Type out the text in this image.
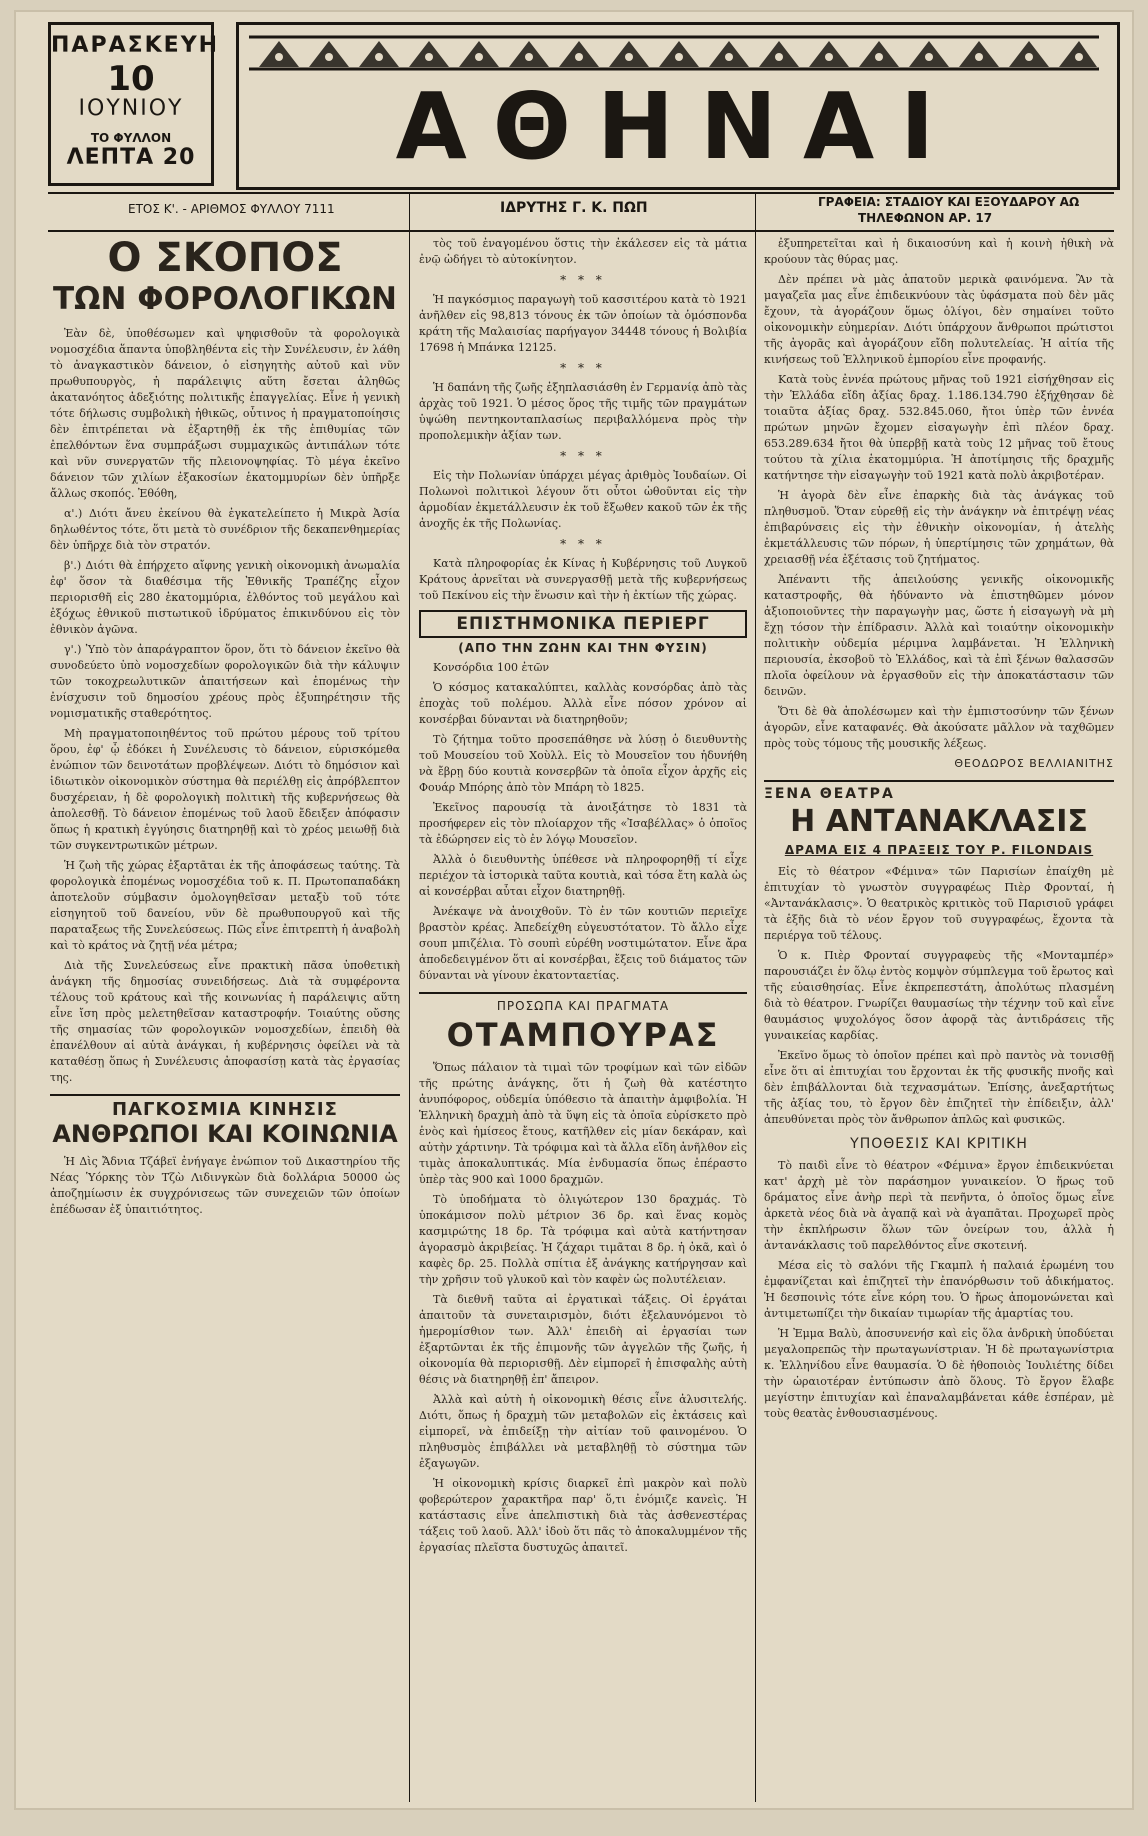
ΠΑΡΑΣΚΕΥΗ
10
ΙΟΥΝΙΟΥ
ΤΟ ΦΥΛΛΟΝ
ΛΕΠΤΑ 20	ΑΘΗΝΑΙ
ΕΤΟΣ Κ'. - ΑΡΙΘΜΟΣ ΦΥΛΛΟΥ 7111	ΙΔΡΥΤΗΣ Γ. Κ. ΠΩΠ	ΓΡΑΦΕΙΑ: ΣΤΑΔΙΟΥ ΚΑΙ ΕΞΟΥΔΑΡΟΥ ΑΩ
ΤΗΛΕΦΩΝΟΝ ΑΡ. 17
Ο ΣΚΟΠΟΣ
ΤΩΝ ΦΟΡΟΛΟΓΙΚΩΝ

Ἐὰν δὲ, ὑποθέσωμεν καὶ ψηφισθοῦν τὰ φορολογικὰ νομοσχέδια ἅπαντα ὑποβληθέντα εἰς τὴν Συνέλευσιν, ἐν λάθη τὸ ἀναγκαστικὸν δάνειον, ὁ εἰσηγητὴς αὐτοῦ καὶ νῦν πρωθυπουργὸς, ἡ παράλειψις αὕτη ἔσεται ἀληθῶς ἀκατανόητος ἀδεξιότης πολιτικῆς ἐπαγγελίας. Εἶνε ἡ γενικὴ τότε δήλωσις συμβολικὴ ἠθικῶς, οὗτινος ἡ πραγματοποίησις δὲν ἐπιτρέπεται νὰ ἐξαρτηθῇ ἐκ τῆς ἐπιθυμίας τῶν ἐπελθόντων ἕνα συμπράξωσι συμμαχικῶς ἀντιπάλων τότε καὶ νῦν συνεργατῶν τῆς πλειονοψηφίας. Τὸ μέγα ἐκεῖνο δάνειον τῶν χιλίων ἑξακοσίων ἑκατομμυρίων δὲν ὑπῆρξε ἄλλως σκοπός. Ἐθόθη,

α'.) Διότι ἄνευ ἐκείνου θὰ ἐγκατελείπετο ἡ Μικρὰ Ἀσία δηλωθέντος τότε, ὅτι μετὰ τὸ συνέδριον τῆς δεκαπενθημερίας δὲν ὑπῆρχε διὰ τὸν στρατόν.

β'.) Διότι θὰ ἐπήρχετο αἴφνης γενικὴ οἰκονομικὴ ἀνωμαλία ἐφ' ὅσον τὰ διαθέσιμα τῆς Ἐθνικῆς Τραπέζης εἶχον περιορισθῆ εἰς 280 ἑκατομμύρια, ἐλθόντος τοῦ μεγάλου καὶ ἐξόχως ἐθνικοῦ πιστωτικοῦ ἱδρύματος ἐπικινδύνου εἰς τὸν ἐθνικὸν ἀγῶνα.

γ'.) Ὑπὸ τὸν ἀπαράγραπτον ὅρον, ὅτι τὸ δάνειον ἐκεῖνο θὰ συνοδεύετο ὑπὸ νομοσχεδίων φορολογικῶν διὰ τὴν κάλυψιν τῶν τοκοχρεωλυτικῶν ἀπαιτήσεων καὶ ἐπομένως τὴν ἐνίσχυσιν τοῦ δημοσίου χρέους πρὸς ἐξυπηρέτησιν τῆς νομισματικῆς σταθερότητος.

Μὴ πραγματοποιηθέντος τοῦ πρώτου μέρους τοῦ τρίτου ὅρου, ἐφ' ᾧ ἐδόκει ἡ Συνέλευσις τὸ δάνειον, εὑρισκόμεθα ἐνώπιον τῶν δεινοτάτων προβλέψεων. Διότι τὸ δημόσιον καὶ ἰδιωτικὸν οἰκονομικὸν σύστημα θὰ περιέλθῃ εἰς ἀπρόβλεπτον δυσχέρειαν, ἡ δὲ φορολογικὴ πολιτικὴ τῆς κυβερνήσεως θὰ ἀπολεσθῇ. Τὸ δάνειον ἐπομένως τοῦ λαοῦ ἔδειξεν ἀπόφασιν ὅπως ἡ κρατικὴ ἐγγύησις διατηρηθῇ καὶ τὸ χρέος μειωθῇ διὰ τῶν συγκεντρωτικῶν μέτρων.

Ἡ ζωὴ τῆς χώρας ἐξαρτᾶται ἐκ τῆς ἀποφάσεως ταύτης. Τὰ φορολογικὰ ἐπομένως νομοσχέδια τοῦ κ. Π. Πρωτοπαπαδάκη ἀποτελοῦν σύμβασιν ὁμολογηθεῖσαν μεταξὺ τοῦ τότε εἰσηγητοῦ τοῦ δανείου, νῦν δὲ πρωθυπουργοῦ καὶ τῆς παραταξεως τῆς Συνελεύσεως. Πῶς εἶνε ἐπιτρεπτὴ ἡ ἀναβολὴ καὶ τὸ κράτος νὰ ζητῇ νέα μέτρα;

Διὰ τῆς Συνελεύσεως εἶνε πρακτικὴ πᾶσα ὑποθετικὴ ἀνάγκη τῆς δημοσίας συνειδήσεως. Διὰ τὰ συμφέροντα τέλους τοῦ κράτους καὶ τῆς κοινωνίας ἡ παράλειψις αὕτη εἶνε ἴση πρὸς μελετηθεῖσαν καταστροφήν. Τοιαύτης οὔσης τῆς σημασίας τῶν φορολογικῶν νομοσχεδίων, ἐπειδὴ θὰ ἐπανέλθουν αἱ αὐτὰ ἀνάγκαι, ἡ κυβέρνησις ὀφείλει νὰ τὰ καταθέσῃ ὅπως ἡ Συνέλευσις ἀποφασίσῃ κατὰ τὰς ἐργασίας της.

ΠΑΓΚΟΣΜΙΑ ΚΙΝΗΣΙΣ
ΑΝΘΡΩΠΟΙ ΚΑΙ ΚΟΙΝΩΝΙΑ

Ἡ Δὶς Ἄδνια Τζάβεϊ ἐνήγαγε ἐνώπιον τοῦ Δικαστηρίου τῆς Νέας Ὑόρκης τὸν Τζὼ Λιδινγκὼν διὰ δολλάρια 50000 ὡς ἀποζημίωσιν ἐκ συγχρόνισεως τῶν συνεχειῶν τῶν ὁποίων ἐπέδωσαν ἐξ ὑπαιτιότητος.

τὸς τοῦ ἐναγομένου ὅστις τὴν ἐκάλεσεν εἰς τὰ μάτια ἐνῷ ὡδήγει τὸ αὐτοκίνητον.

* * *

Ἡ παγκόσμιος παραγωγὴ τοῦ κασσιτέρου κατὰ τὸ 1921 ἀνῆλθεν εἰς 98,813 τόνους ἐκ τῶν ὁποίων τὰ ὁμόσπονδα κράτη τῆς Μαλαισίας παρήγαγον 34448 τόνους ἡ Βολιβία 17698 ἡ Μπάνκα 12125.

* * *

Ἡ δαπάνη τῆς ζωῆς ἐξηπλασιάσθη ἐν Γερμανίᾳ ἀπὸ τὰς ἀρχὰς τοῦ 1921. Ὁ μέσος ὅρος τῆς τιμῆς τῶν πραγμάτων ὑψώθη πεντηκονταπλασίως περιβαλλόμενα πρὸς τὴν προπολεμικὴν ἀξίαν των.

* * *

Εἰς τὴν Πολωνίαν ὑπάρχει μέγας ἀριθμὸς Ἰουδαίων. Οἱ Πολωνοὶ πολιτικοὶ λέγουν ὅτι οὗτοι ὠθοῦνται εἰς τὴν ἀρμοδίαν ἐκμετάλλευσιν ἐκ τοῦ ἔξωθεν κακοῦ τῶν ἐκ τῆς ἀνοχῆς ἐκ τῆς Πολωνίας.

* * *

Κατὰ πληροφορίας ἐκ Κίνας ἡ Κυβέρνησις τοῦ Λυγκοῦ Κράτους ἀρνεῖται νὰ συνεργασθῇ μετὰ τῆς κυβερνήσεως τοῦ Πεκίνου εἰς τὴν ἕνωσιν καὶ τὴν ἡ ἐκτίων τῆς χώρας.

ΕΠΙΣΤΗΜΟΝΙΚΑ ΠΕΡΙΕΡΓ
(ΑΠΟ ΤΗΝ ΖΩΗΝ ΚΑΙ ΤΗΝ ΦΥΣΙΝ)

Κονσόρδια 100 ἐτῶν

Ὁ κόσμος κατακαλύπτει, καλλὰς κονσόρδας ἀπὸ τὰς ἐποχὰς τοῦ πολέμου. Ἀλλὰ εἶνε πόσον χρόνον αἱ κονσέρβαι δύνανται νὰ διατηρηθοῦν;

Τὸ ζήτημα τοῦτο προσεπάθησε νὰ λύσῃ ὁ διευθυντὴς τοῦ Μουσείου τοῦ Χοὺλλ. Εἰς τὸ Μουσεῖον του ἠδυνήθη νὰ ἔβρῃ δύο κουτιὰ κονσερβῶν τὰ ὁποῖα εἶχον ἀρχῆς εἰς Φουάρ Μπόρης ἀπὸ τὸν Μπάρη τὸ 1825.

Ἐκεῖνος παρουσίᾳ τὰ ἀνοιξάτησε τὸ 1831 τὰ προσήφερεν εἰς τὸν πλοίαρχον τῆς «Ἰσαβέλλας» ὁ ὁποῖος τὰ ἐδώρησεν εἰς τὸ ἐν λόγῳ Μουσεῖον.

Ἀλλὰ ὁ διευθυντὴς ὑπέθεσε νὰ πληροφορηθῇ τί εἶχε περιέχον τὰ ἱστορικὰ ταῦτα κουτιὰ, καὶ τόσα ἔτη καλὰ ὡς αἱ κονσέρβαι αὗται εἶχον διατηρηθῇ.

Ἀνέκαψε νὰ ἀνοιχθοῦν. Τὸ ἐν τῶν κουτιῶν περιεῖχε βραστὸν κρέας. Ἀπεδείχθη εὐγευστότατον. Τὸ ἄλλο εἶχε σουπ μπιζέλια. Τὸ σουπὶ εὑρέθη νοστιμώτατον. Εἶνε ἄρα ἀποδεδειγμένον ὅτι αἱ κονσέρβαι, ἔξεις τοῦ διάματος τῶν δύνανται νὰ γίνουν ἐκατονταετίας.

ΠΡΟΣΩΠΑ ΚΑΙ ΠΡΑΓΜΑΤΑ
ΟΤΑΜΠΟΥΡΑΣ

Ὅπως πάλαιον τὰ τιμαὶ τῶν τροφίμων καὶ τῶν εἰδῶν τῆς πρώτης ἀνάγκης, ὅτι ἡ ζωὴ θὰ κατέστητο ἀνυπόφορος, οὐδεμία ὑπόθεσιο τὰ ἀπαιτὴν ἀμφιβολία. Ἡ Ἑλληνικὴ δραχμὴ ἀπὸ τὰ ὕψη εἰς τὰ ὁποῖα εὑρίσκετο πρὸ ἑνὸς καὶ ἡμίσεος ἔτους, κατῆλθεν εἰς μίαν δεκάραν, καὶ αὐτὴν χάρτινην. Τὰ τρόφιμα καὶ τὰ ἄλλα εἴδη ἀνῆλθον εἰς τιμὰς ἀποκαλυπτικάς. Μία ἐνδυμασία ὅπως ἐπέραστο ὑπὲρ τὰς 900 καὶ 1000 δραχμῶν.

Τὸ ὑποδήματα τὸ ὀλιγώτερον 130 δραχμάς. Τὸ ὑποκάμισον πολὺ μέτριον 36 δρ. καὶ ἕνας κομὸς κασμιρώτης 18 δρ. Τὰ τρόφιμα καὶ αὐτὰ κατήντησαν ἀγορασμὸ ἀκριβείας. Ἡ ζάχαρι τιμᾶται 8 δρ. ἡ ὀκᾶ, καὶ ὁ καφὲς δρ. 25. Πολλὰ σπίτια ἐξ ἀνάγκης κατήργησαν καὶ τὴν χρῆσιν τοῦ γλυκοῦ καὶ τὸν καφὲν ὡς πολυτέλειαν.

Τὰ διεθνῆ ταῦτα αἱ ἐργατικαὶ τάξεις. Οἱ ἐργάται ἀπαιτοῦν τὰ συνεταιρισμὸν, διότι ἐξελαυνόμενοι τὸ ἡμερομίσθιον των. Ἀλλ' ἐπειδὴ αἱ ἐργασίαι των ἐξαρτῶνται ἐκ τῆς ἐπιμονῆς τῶν ἀγγελῶν τῆς ζωῆς, ἡ οἰκονομία θὰ περιορισθῇ. Δὲν εἰμπορεῖ ἡ ἐπισφαλὴς αὐτὴ θέσις νὰ διατηρηθῇ ἐπ' ἄπειρον.

Ἀλλὰ καὶ αὐτὴ ἡ οἰκονομικὴ θέσις εἶνε ἀλυσιτελής. Διότι, ὅπως ἡ δραχμὴ τῶν μεταβολῶν εἰς ἐκτάσεις καὶ εἰμπορεῖ, νὰ ἐπιδείξῃ τὴν αἰτίαν τοῦ φαινομένου. Ὁ πληθυσμὸς ἐπιβάλλει νὰ μεταβληθῇ τὸ σύστημα τῶν ἐξαγωγῶν.

Ἡ οἰκονομικὴ κρίσις διαρκεῖ ἐπὶ μακρὸν καὶ πολὺ φοβερώτερον χαρακτῆρα παρ' ὅ,τι ἐνόμιζε κανεὶς. Ἡ κατάστασις εἶνε ἀπελπιστικὴ διὰ τὰς ἀσθενεστέρας τάξεις τοῦ λαοῦ. Ἀλλ' ἰδοὺ ὅτι πᾶς τὸ ἀποκαλυμμένον τῆς ἐργασίας πλεῖστα δυστυχῶς ἀπαιτεῖ.

ἐξυπηρετεῖται καὶ ἡ δικαιοσύνη καὶ ἡ κοινὴ ἠθικὴ νὰ κρούουν τὰς θύρας μας.

Δὲν πρέπει νὰ μὰς ἀπατοῦν μερικὰ φαινόμενα. Ἂν τὰ μαγαζεῖα μας εἶνε ἐπιδεικνύουν τὰς ὑφάσματα ποὺ δὲν μᾶς ἔχουν, τὰ ἀγοράζουν ὅμως ὀλίγοι, δὲν σημαίνει τοῦτο οἰκονομικὴν εὐημερίαν. Διότι ὑπάρχουν ἄνθρωποι πρώτιστοι τῆς ἀγορᾶς καὶ ἀγοράζουν εἴδη πολυτελείας. Ἡ αἰτία τῆς κινήσεως τοῦ Ἑλληνικοῦ ἐμπορίου εἶνε προφανής.

Κατὰ τοὺς ἐννέα πρώτους μῆνας τοῦ 1921 εἰσήχθησαν εἰς τὴν Ἑλλάδα εἴδη ἀξίας δραχ. 1.186.134.790 ἐξήχθησαν δὲ τοιαῦτα ἀξίας δραχ. 532.845.060, ἤτοι ὑπὲρ τῶν ἐννέα πρώτων μηνῶν ἔχομεν εἰσαγωγὴν ἐπὶ πλέον δραχ. 653.289.634 ἤτοι θὰ ὑπερβῇ κατὰ τοὺς 12 μῆνας τοῦ ἔτους τούτου τὰ χίλια ἑκατομμύρια. Ἡ ἀποτίμησις τῆς δραχμῆς κατήντησε τὴν εἰσαγωγὴν τοῦ 1921 κατὰ πολὺ ἀκριβοτέραν.

Ἡ ἀγορὰ δὲν εἶνε ἐπαρκὴς διὰ τὰς ἀνάγκας τοῦ πληθυσμοῦ. Ὅταν εὑρεθῇ εἰς τὴν ἀνάγκην νὰ ἐπιτρέψῃ νέας ἐπιβαρύνσεις εἰς τὴν ἐθνικὴν οἰκονομίαν, ἡ ἀτελὴς ἐκμετάλλευσις τῶν πόρων, ἡ ὑπερτίμησις τῶν χρημάτων, θὰ χρειασθῇ νέα ἐξέτασις τοῦ ζητήματος.

Ἀπέναντι τῆς ἀπειλούσης γενικῆς οἰκονομικῆς καταστροφῆς, θὰ ἠδύναντο νὰ ἐπιστηθῶμεν μόνον ἀξιοποιοῦντες τὴν παραγωγὴν μας, ὥστε ἡ εἰσαγωγὴ νὰ μὴ ἔχῃ τόσον τὴν ἐπίδρασιν. Ἀλλὰ καὶ τοιαύτην οἰκονομικὴν πολιτικὴν οὐδεμία μέριμνα λαμβάνεται. Ἡ Ἑλληνικὴ περιουσία, ἐκσοβοῦ τὸ Ἑλλάδος, καὶ τὰ ἐπὶ ξένων θαλασσῶν πλοῖα ὀφείλουν νὰ ἐργασθοῦν εἰς τὴν ἀποκατάστασιν τῶν δεινῶν.

Ὅτι δὲ θὰ ἀπολέσωμεν καὶ τὴν ἐμπιστοσύνην τῶν ξένων ἀγορῶν, εἶνε καταφανές. Θὰ ἀκούσατε μᾶλλον νὰ ταχθῶμεν πρὸς τοὺς τόμους τῆς μουσικῆς λέξεως.

ΘΕΟΔΩΡΟΣ ΒΕΛΛΙΑΝΙΤΗΣ
ΞΕΝΑ ΘΕΑΤΡΑ
Η ΑΝΤΑΝΑΚΛΑΣΙΣ
ΔΡΑΜΑ ΕΙΣ 4 ΠΡΑΞΕΙΣ ΤΟΥ Ρ. FILONDAIS

Εἰς τὸ θέατρον «Φέμινα» τῶν Παρισίων ἐπαίχθη μὲ ἐπιτυχίαν τὸ γνωστὸν συγγραφέως Πιὲρ Φρονταί, ἡ «Ἀντανάκλασις». Ὁ θεατρικὸς κριτικὸς τοῦ Παρισιοῦ γράφει τὰ ἑξῆς διὰ τὸ νέον ἔργον τοῦ συγγραφέως, ἔχοντα τὰ περιέργα τοῦ τέλους.

Ὁ κ. Πιὲρ Φρονταί συγγραφεὺς τῆς «Μονταμπέρ» παρουσιάζει ἐν ὅλῳ ἐντὸς κομψὸν σύμπλεγμα τοῦ ἔρωτος καὶ τῆς εὐαισθησίας. Εἶνε ἐκπρεπεστάτη, ἀπολύτως πλασμένη διὰ τὸ θέατρον. Γνωρίζει θαυμασίως τὴν τέχνην τοῦ καὶ εἶνε θαυμάσιος ψυχολόγος ὅσον ἀφορᾷ τὰς ἀντιδράσεις τῆς γυναικείας καρδίας.

Ἐκεῖνο ὅμως τὸ ὁποῖον πρέπει καὶ πρὸ παντὸς νὰ τονισθῇ εἶνε ὅτι αἱ ἐπιτυχίαι του ἔρχονται ἐκ τῆς φυσικῆς πνοῆς καὶ δὲν ἐπιβάλλονται διὰ τεχνασμάτων. Ἐπίσης, ἀνεξαρτήτως τῆς ἀξίας του, τὸ ἔργον δὲν ἐπιζητεῖ τὴν ἐπίδειξιν, ἀλλ' ἀπευθύνεται πρὸς τὸν ἄνθρωπον ἀπλῶς καὶ φυσικῶς.

ΥΠΟΘΕΣΙΣ ΚΑΙ ΚΡΙΤΙΚΗ

Τὸ παιδὶ εἶνε τὸ θέατρον «Φέμινα» ἔργον ἐπιδεικνύεται κατ' ἀρχὴ μὲ τὸν παράσημον γυναικείον. Ὁ ἥρως τοῦ δράματος εἶνε ἀνὴρ περὶ τὰ πενῆντα, ὁ ὁποῖος ὅμως εἶνε ἀρκετὰ νέος διὰ νὰ ἀγαπᾷ καὶ νὰ ἀγαπᾶται. Προχωρεῖ πρὸς τὴν ἐκπλήρωσιν ὅλων τῶν ὀνείρων του, ἀλλὰ ἡ ἀντανάκλασις τοῦ παρελθόντος εἶνε σκοτεινή.

Μέσα εἰς τὸ σαλόνι τῆς Γκαμπλ ἡ παλαιά ἐρωμένη του ἐμφανίζεται καὶ ἐπιζητεῖ τὴν ἐπανόρθωσιν τοῦ ἀδικήματος. Ἡ δεσποινὶς τότε εἶνε κόρη του. Ὁ ἥρως ἀπομονώνεται καὶ ἀντιμετωπίζει τὴν δικαίαν τιμωρίαν τῆς ἁμαρτίας του.

Ἡ Ἐμμα Βαλὺ, ἀποσυνενήσ καὶ εἰς ὅλα ἀνδρικὴ ὑποδύεται μεγαλοπρεπῶς τὴν πρωταγωνίστριαν. Ἡ δὲ πρωταγωνίστρια κ. Ἑλληνίδου εἶνε θαυμασία. Ὁ δὲ ἡθοποιὸς Ἰουλιέτης δίδει τὴν ὡραιοτέραν ἐντύπωσιν ἀπὸ ὅλους. Τὸ ἔργον ἔλαβε μεγίστην ἐπιτυχίαν καὶ ἐπαναλαμβάνεται κάθε ἑσπέραν, μὲ τοὺς θεατὰς ἐνθουσιασμένους.
